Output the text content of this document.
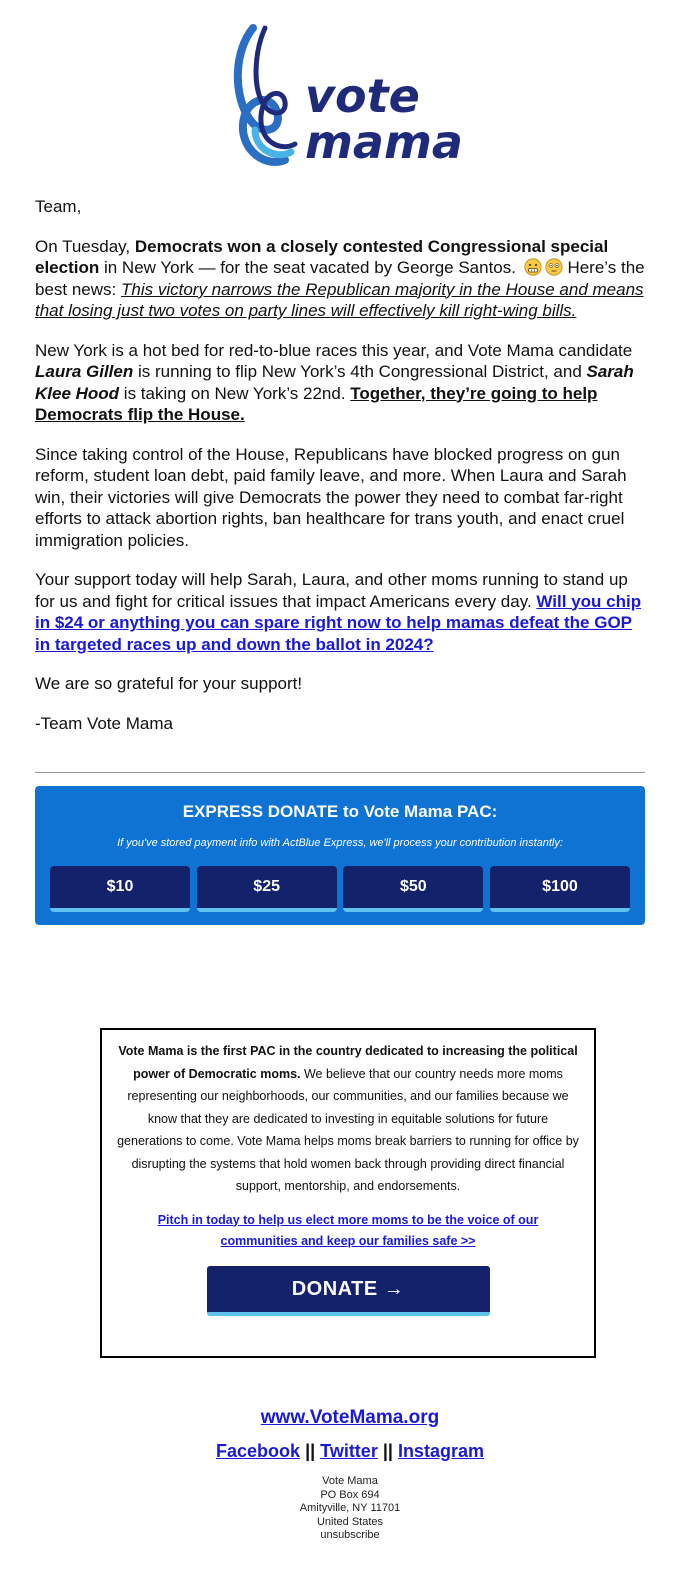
vote
mama

Team,

On Tuesday, Democrats won a closely contested Congressional special election in New York — for the seat vacated by George Santos.	Here’s the best news: This victory narrows the Republican majority in the House and means that losing just two votes on party lines will effectively kill right-wing bills.

New York is a hot bed for red-to-blue races this year, and Vote Mama candidate Laura Gillen is running to flip New York’s 4th Congressional District, and Sarah Klee Hood is taking on New York’s 22nd. Together, they’re going to help Democrats flip the House.

Since taking control of the House, Republicans have blocked progress on gun reform, student loan debt, paid family leave, and more. When Laura and Sarah win, their victories will give Democrats the power they need to combat far-right efforts to attack abortion rights, ban healthcare for trans youth, and enact cruel immigration policies.

Your support today will help Sarah, Laura, and other moms running to stand up for us and fight for critical issues that impact Americans every day. Will you chip in $24 or anything you can spare right now to help mamas defeat the GOP in targeted races up and down the ballot in 2024?

We are so grateful for your support!

-Team Vote Mama

EXPRESS DONATE to Vote Mama PAC:
If you've stored payment info with ActBlue Express, we'll process your contribution instantly:
$10	$25	$50	$100
Vote Mama is the first PAC in the country dedicated to increasing the political power of Democratic moms. We believe that our country needs more moms representing our neighborhoods, our communities, and our families because we know that they are dedicated to investing in equitable solutions for future generations to come. Vote Mama helps moms break barriers to running for office by disrupting the systems that hold women back through providing direct financial support, mentorship, and endorsements.
Pitch in today to help us elect more moms to be the voice of our communities and keep our families safe >>
DONATE →
www.VoteMama.org
Facebook || Twitter || Instagram
Vote Mama
PO Box 694
Amityville, NY 11701
United States
unsubscribe
